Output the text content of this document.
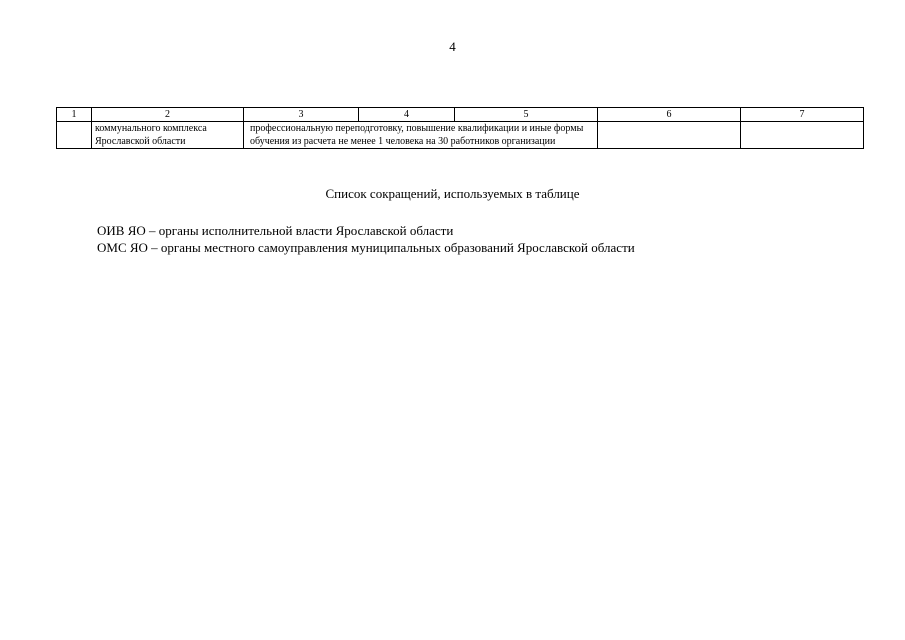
4
1	2	3	4	5	6	7
	коммунального комплекса Ярославской области	профессиональную переподготовку, повышение квалификации и иные формы обучения из расчета не менее 1 человека на 30 работников организации				
Список сокращений, используемых в таблице
ОИВ ЯО – органы исполнительной власти Ярославской области
ОМС ЯО – органы местного самоуправления муниципальных образований Ярославской области
